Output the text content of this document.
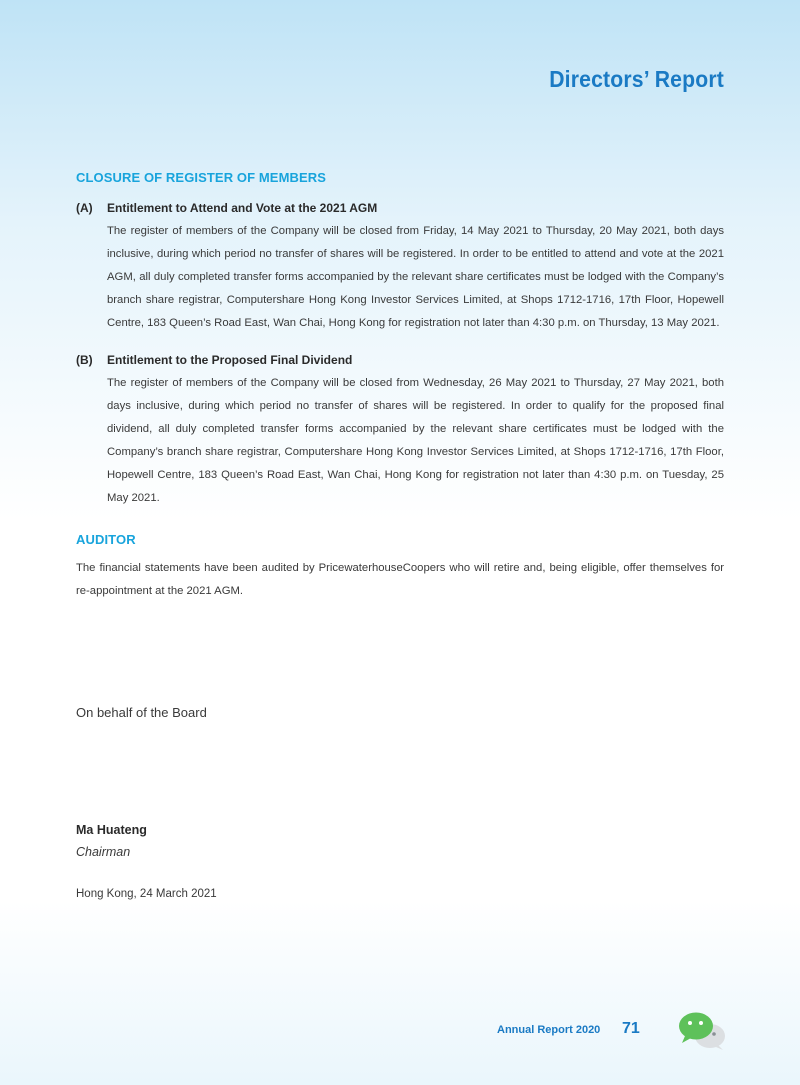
Directors’ Report
CLOSURE OF REGISTER OF MEMBERS
(A)	Entitlement to Attend and Vote at the 2021 AGM
The register of members of the Company will be closed from Friday, 14 May 2021 to Thursday, 20 May 2021, both days inclusive, during which period no transfer of shares will be registered. In order to be entitled to attend and vote at the 2021 AGM, all duly completed transfer forms accompanied by the relevant share certificates must be lodged with the Company’s branch share registrar, Computershare Hong Kong Investor Services Limited, at Shops 1712-1716, 17th Floor, Hopewell Centre, 183 Queen’s Road East, Wan Chai, Hong Kong for registration not later than 4:30 p.m. on Thursday, 13 May 2021.
(B)	Entitlement to the Proposed Final Dividend
The register of members of the Company will be closed from Wednesday, 26 May 2021 to Thursday, 27 May 2021, both days inclusive, during which period no transfer of shares will be registered. In order to qualify for the proposed final dividend, all duly completed transfer forms accompanied by the relevant share certificates must be lodged with the Company’s branch share registrar, Computershare Hong Kong Investor Services Limited, at Shops 1712-1716, 17th Floor, Hopewell Centre, 183 Queen’s Road East, Wan Chai, Hong Kong for registration not later than 4:30 p.m. on Tuesday, 25 May 2021.
AUDITOR
The financial statements have been audited by PricewaterhouseCoopers who will retire and, being eligible, offer themselves for re-appointment at the 2021 AGM.
On behalf of the Board
Ma Huateng
Chairman
Hong Kong, 24 March 2021
Annual Report 2020 71
